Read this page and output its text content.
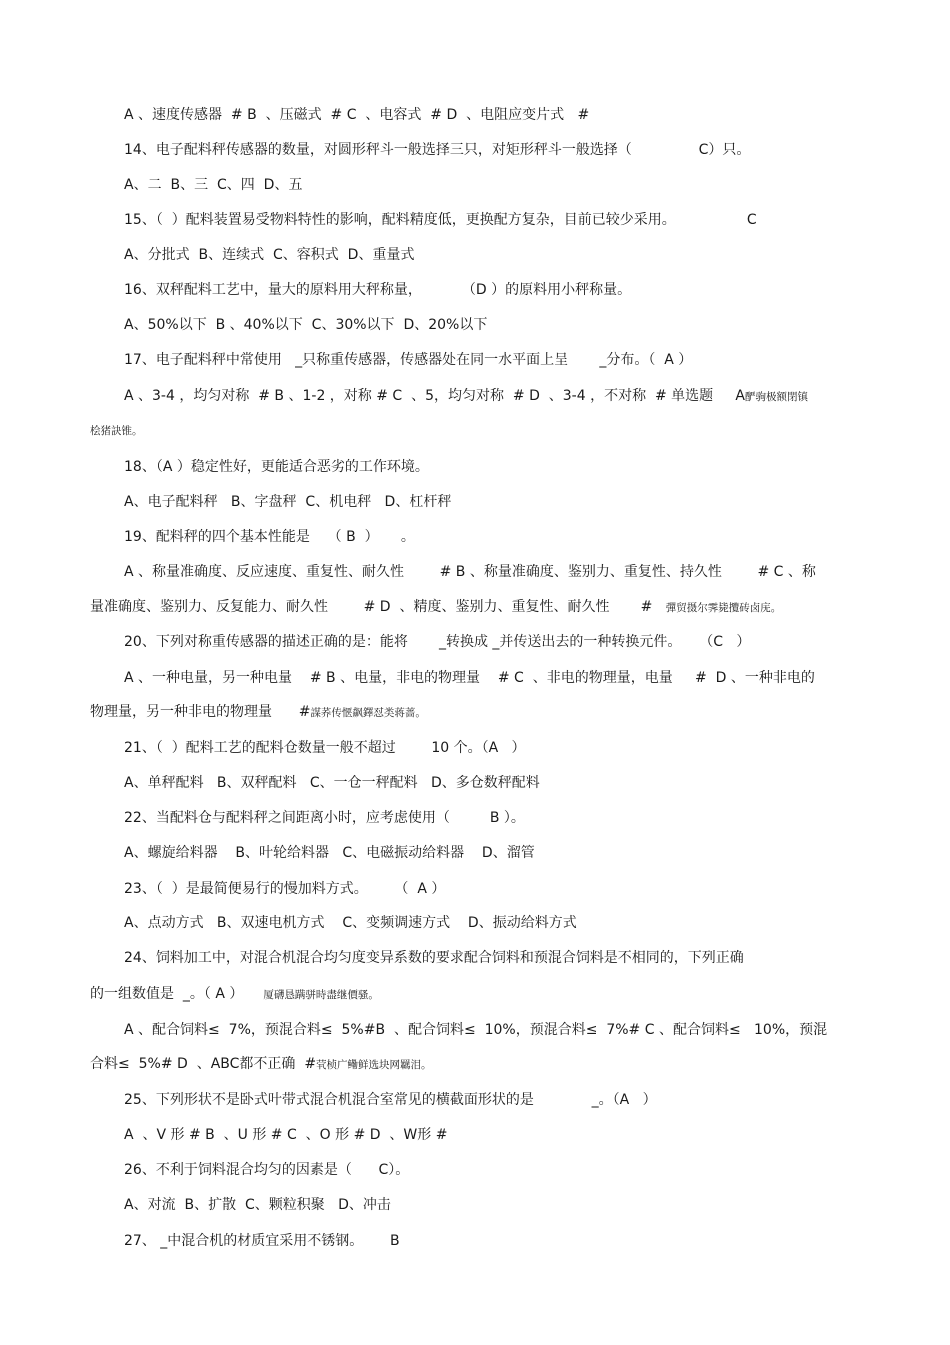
A 、速度传感器  # B  、压磁式  # C  、电容式  # D  、电阻应变片式   #
14、电子配料秤传感器的数量，对圆形秤斗一般选择三只，对矩形秤斗一般选择（               C）只。
A、二  B、三  C、四  D、五
15、（  ）配料装置易受物料特性的影响，配料精度低，更换配方复杂，目前已较少采用。                C
A、分批式  B、连续式  C、容积式  D、重量式
16、双秤配料工艺中，量大的原料用大秤称量，         （D ）的原料用小秤称量。
A、50%以下  B 、40%以下  C、30%以下  D、20%以下
17、电子配料秤中常使用   _只称重传感器，传感器处在同一水平面上呈       _分布。（  A ）
A 、3-4 ，均匀对称  # B 、1-2 ，对称 # C  、5，均匀对称  # D  、3-4 ，不对称  # 单选题     A酽驹极额閉镇
桧猪訣锥。
18、（A ）稳定性好，更能适合恶劣的工作环境。
A、电子配料秤   B、字盘秤  C、机电秤   D、杠杆秤
19、配料秤的四个基本性能是    （ B  ）     。
A 、称量准确度、反应速度、重复性、耐久性        # B 、称量准确度、鉴别力、重复性、持久性        # C 、称
量准确度、鉴别力、反复能力、耐久性        # D  、精度、鉴别力、重复性、耐久性       #    彈贸摄尔霁毙攬砖卤庑。
20、下列对称重传感器的描述正确的是：能将       _转换成 _并传送出去的一种转换元件。    （C   ）
A 、一种电量，另一种电量    # B 、电量，非电的物理量    # C  、非电的物理量，电量     #  D 、一种非电的
物理量，另一种非电的物理量      #謀荞传惬飙鐸怼类蒋蔷。
21、（  ）配料工艺的配料仓数量一般不超过        10 个。（A   ）
A、单秤配料   B、双秤配料   C、一仓一秤配料   D、多仓数秤配料
22、当配料仓与配料秤之间距离小时，应考虑使用（         B ）。
A、螺旋给料器    B、叶轮给料器   C、电磁振动给料器    D、溜管
23、（  ）是最简便易行的慢加料方式。      （  A ）
A、点动方式   B、双速电机方式    C、变频调速方式    D、振动给料方式
24、饲料加工中，对混合机混合均匀度变异系数的要求配合饲料和预混合饲料是不相同的，下列正确
的一组数值是  _。（ A ）      厦礴恳蹒骈時盡继價骚。
A 、配合饲料≤  7%，预混合料≤  5%#B  、配合饲料≤  10%，预混合料≤  7%# C 、配合饲料≤   10%，预混
合料≤  5%# D  、ABC都不正确  #茕桢广鳓鲜选块网羈泪。
25、下列形状不是卧式叶带式混合机混合室常见的横截面形状的是             _。（A   ）
A  、V 形 # B  、U 形 # C  、O 形 # D  、W形 #
26、不利于饲料混合均匀的因素是（      C）。
A、对流  B、扩散  C、颗粒积聚   D、冲击
27、 _中混合机的材质宜采用不锈钢。      B
